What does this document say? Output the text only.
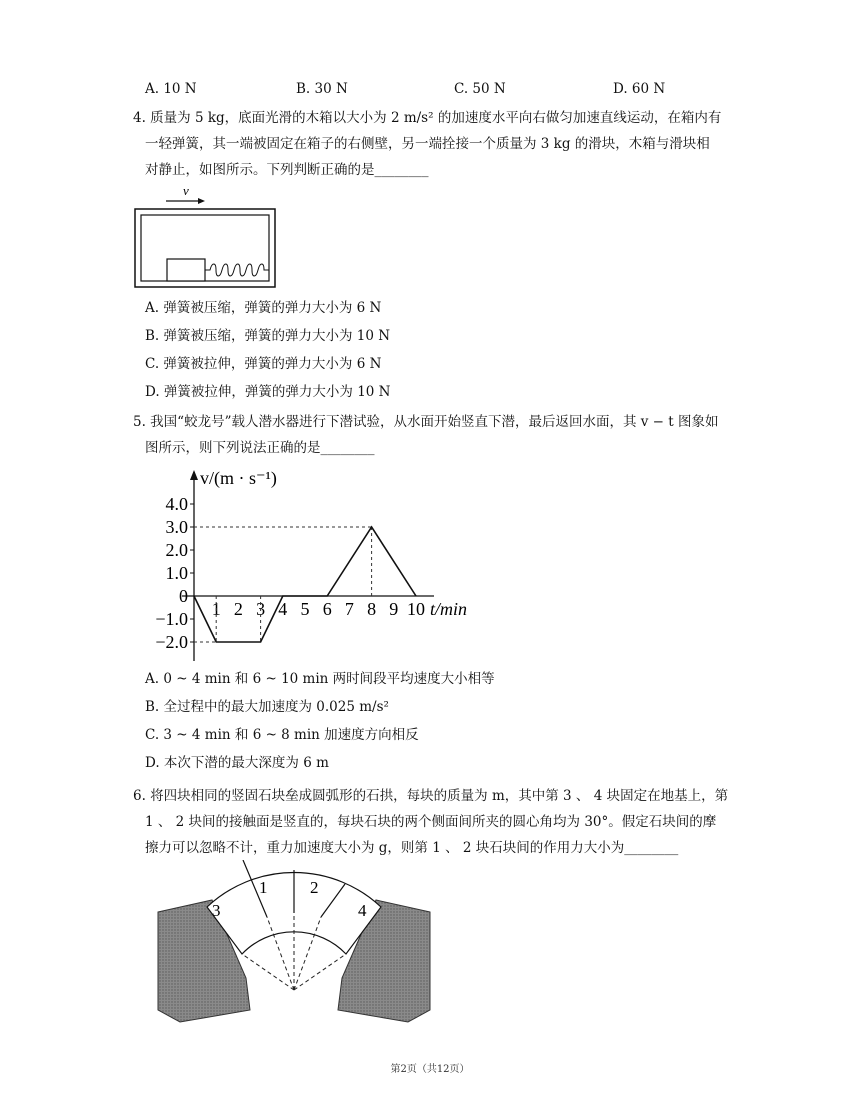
A. 10 N	B. 30 N	C. 50 N	D. 60 N
4. 质量为 5 kg，底面光滑的木箱以大小为 2 m/s² 的加速度水平向右做匀加速直线运动，在箱内有
一轻弹簧，其一端被固定在箱子的右侧壁，另一端拴接一个质量为 3 kg 的滑块，木箱与滑块相
对静止，如图所示。下列判断正确的是________
v
A. 弹簧被压缩，弹簧的弹力大小为 6 N
B. 弹簧被压缩，弹簧的弹力大小为 10 N
C. 弹簧被拉伸，弹簧的弹力大小为 6 N
D. 弹簧被拉伸，弹簧的弹力大小为 10 N
5. 我国“蛟龙号”载人潜水器进行下潜试验，从水面开始竖直下潜，最后返回水面，其 v − t 图象如
图所示，则下列说法正确的是________
4.0
3.0
2.0
1.0
0
−1.0
−2.0
1 2 3 4 5 6 7 8 9 10
v/(m · s⁻¹)
t/min
A. 0 ~ 4 min 和 6 ~ 10 min 两时间段平均速度大小相等
B. 全过程中的最大加速度为 0.025 m/s²
C. 3 ~ 4 min 和 6 ~ 8 min 加速度方向相反
D. 本次下潜的最大深度为 6 m
6. 将四块相同的竖固石块垒成圆弧形的石拱，每块的质量为 m，其中第 3 、 4 块固定在地基上，第
1 、 2 块间的接触面是竖直的，每块石块的两个侧面间所夹的圆心角均为 30°。假定石块间的摩
擦力可以忽略不计，重力加速度大小为 g，则第 1 、 2 块石块间的作用力大小为________
3
1	2
4
第2页（共12页）
